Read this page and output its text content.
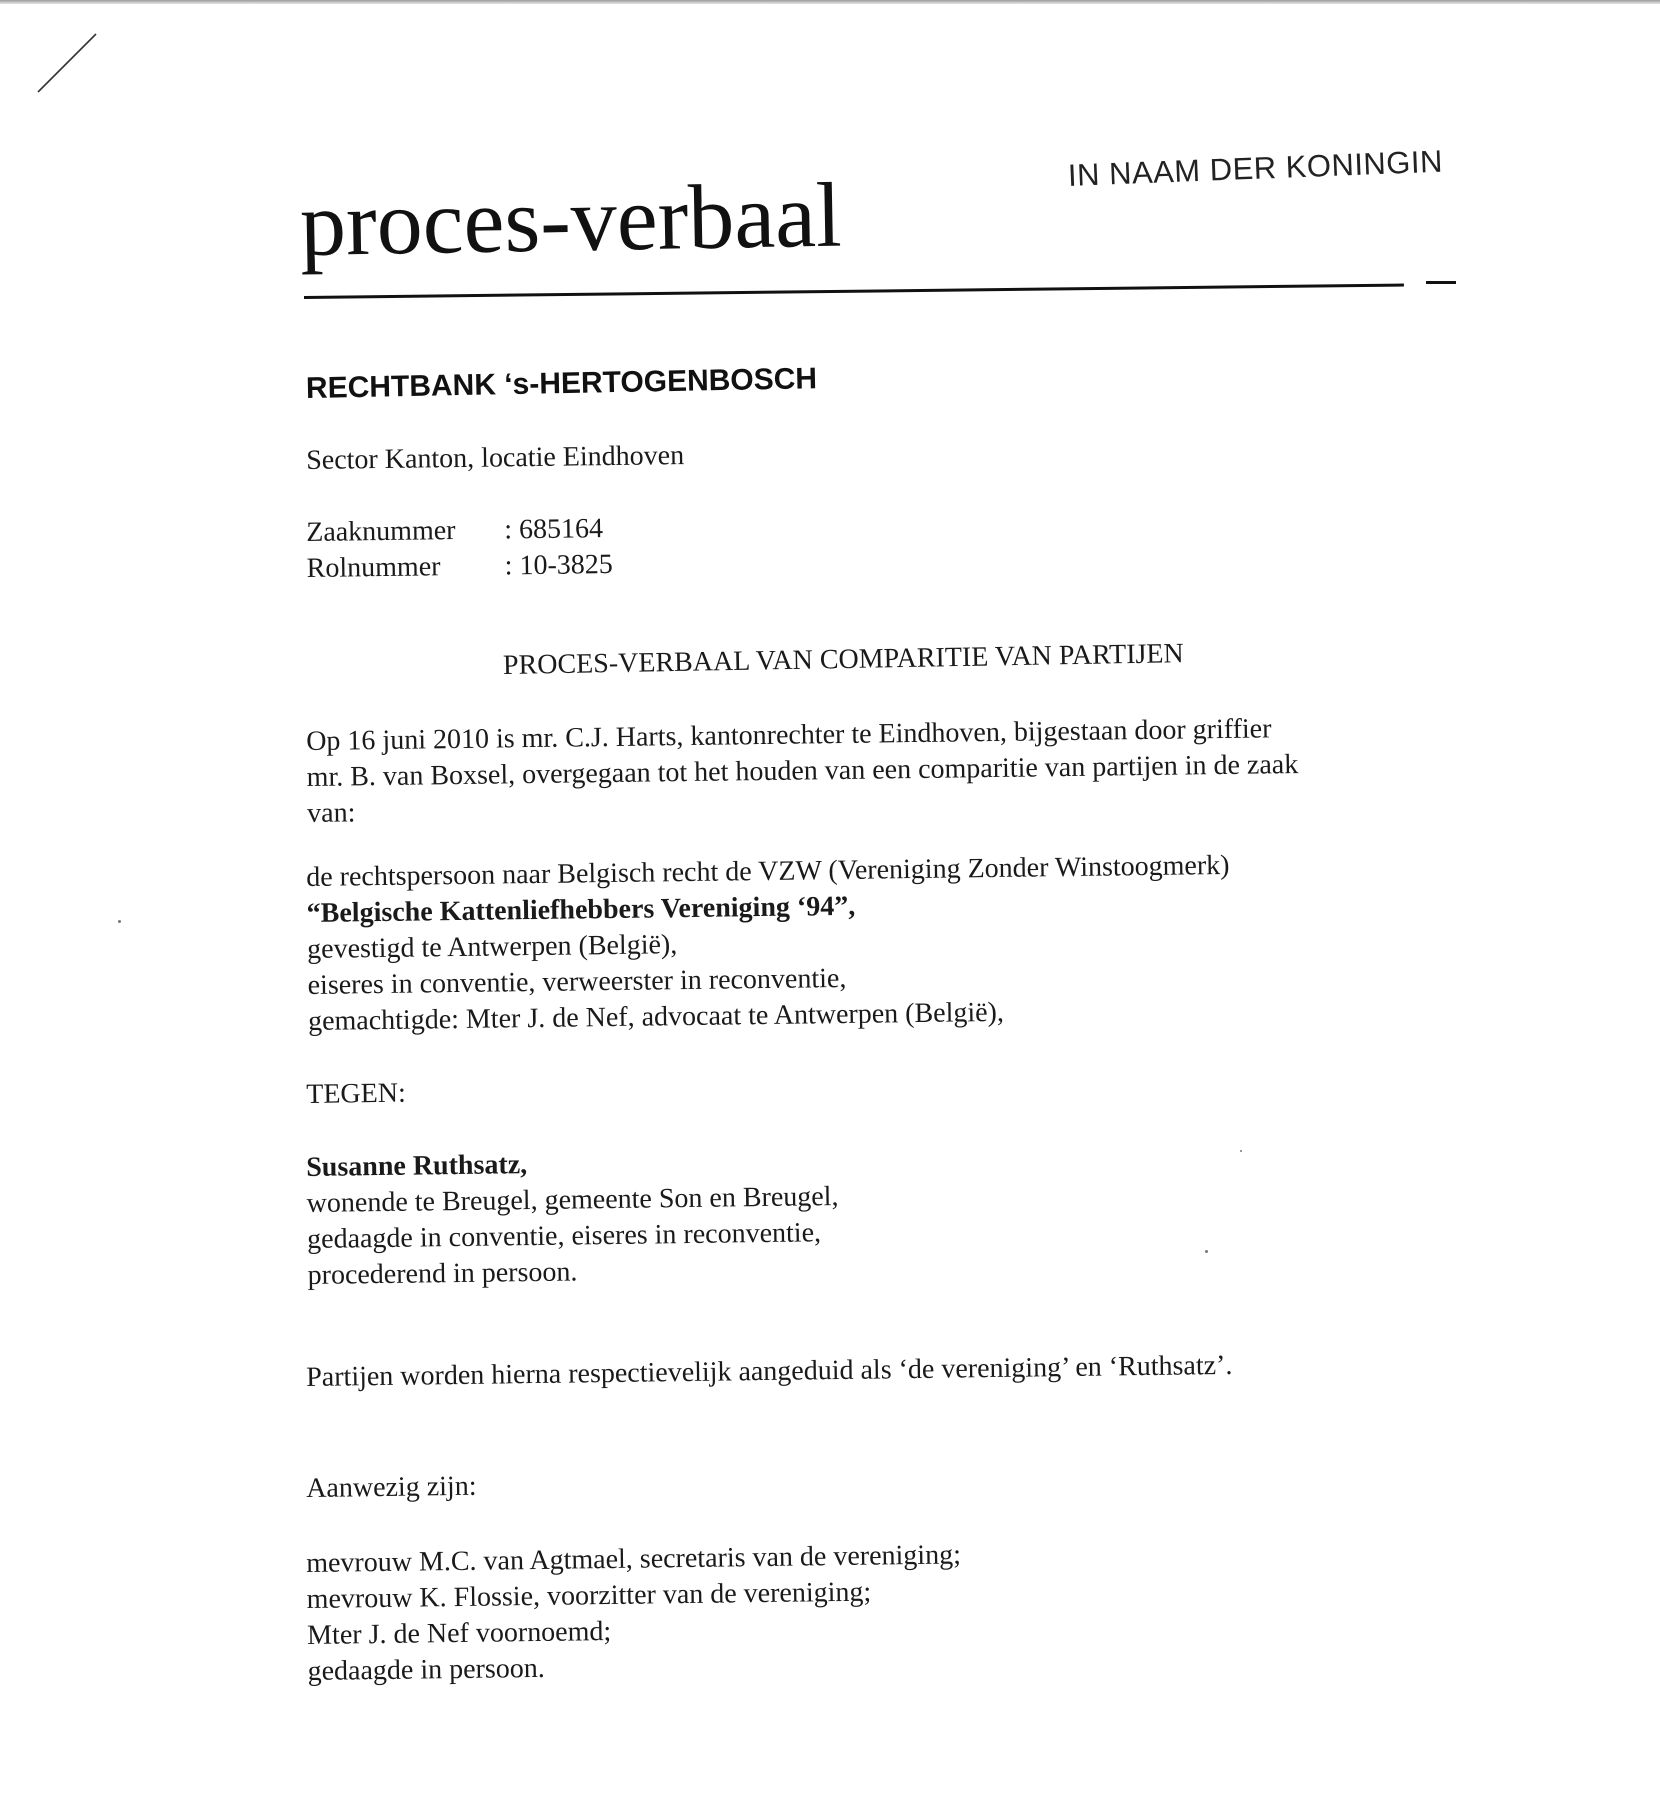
IN NAAM DER KONINGIN
proces-verbaal
RECHTBANK ‘s-HERTOGENBOSCH
Sector Kanton, locatie Eindhoven
Zaaknummer : 685164
Rolnummer : 10-3825
PROCES-VERBAAL VAN COMPARITIE VAN PARTIJEN
Op 16 juni 2010 is mr. C.J. Harts, kantonrechter te Eindhoven, bijgestaan door griffier
mr. B. van Boxsel, overgegaan tot het houden van een comparitie van partijen in de zaak
van:
de rechtspersoon naar Belgisch recht de VZW (Vereniging Zonder Winstoogmerk)
“Belgische Kattenliefhebbers Vereniging ‘94”,
gevestigd te Antwerpen (België),
eiseres in conventie, verweerster in reconventie,
gemachtigde: Mter J. de Nef, advocaat te Antwerpen (België),
TEGEN:
Susanne Ruthsatz,
wonende te Breugel, gemeente Son en Breugel,
gedaagde in conventie, eiseres in reconventie,
procederend in persoon.
Partijen worden hierna respectievelijk aangeduid als ‘de vereniging’ en ‘Ruthsatz’.
Aanwezig zijn:
mevrouw M.C. van Agtmael, secretaris van de vereniging;
mevrouw K. Flossie, voorzitter van de vereniging;
Mter J. de Nef voornoemd;
gedaagde in persoon.
